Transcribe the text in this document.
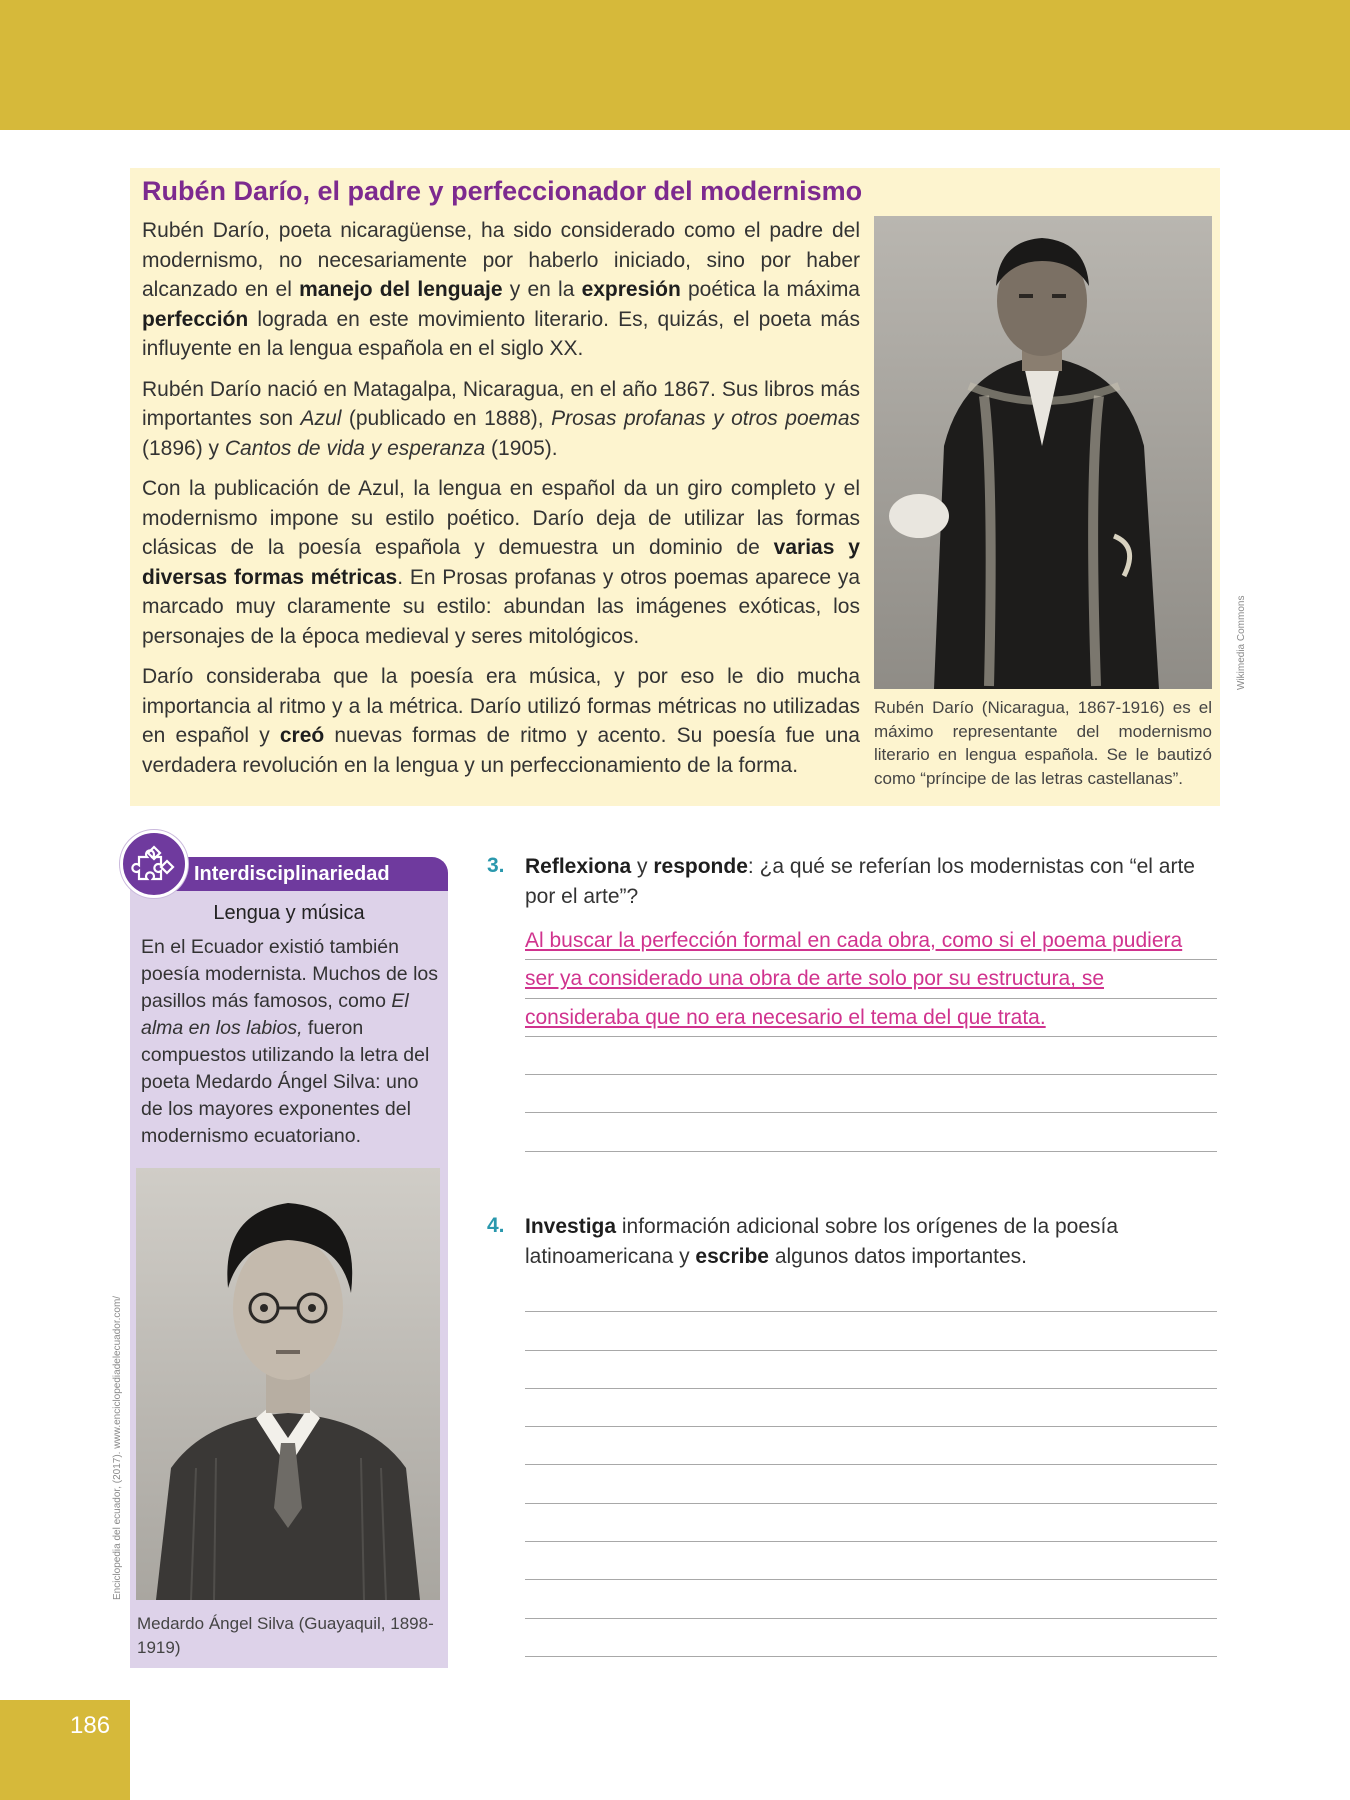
Rubén Darío, el padre y perfeccionador del modernismo

Rubén Darío, poeta nicaragüense, ha sido considerado como el padre del modernismo, no necesariamente por haberlo iniciado, sino por haber alcanzado en el manejo del lenguaje y en la expresión poética la máxima perfección lograda en este movimiento literario. Es, quizás, el poeta más influyente en la lengua española en el siglo XX.

Rubén Darío nació en Matagalpa, Nicaragua, en el año 1867. Sus libros más importantes son Azul (publicado en 1888), Prosas profanas y otros poemas (1896) y Cantos de vida y esperanza (1905).

Con la publicación de Azul, la lengua en español da un giro completo y el modernismo impone su estilo poético. Darío deja de utilizar las formas clásicas de la poesía española y demuestra un dominio de varias y diversas formas métricas. En Prosas profanas y otros poemas aparece ya marcado muy claramente su estilo: abundan las imágenes exóticas, los personajes de la época medieval y seres mitológicos.

Darío consideraba que la poesía era música, y por eso le dio mucha importancia al ritmo y a la métrica. Darío utilizó formas métricas no utilizadas en español y creó nuevas formas de ritmo y acento. Su poesía fue una verdadera revolución en la lengua y un perfeccionamiento de la forma.

Rubén Darío (Nicaragua, 1867-1916) es el máximo representante del modernismo literario en lengua española. Se le bautizó como “príncipe de las letras castellanas”.
Wikimedia Commons
Interdisciplinariedad
Lengua y música
En el Ecuador existió también poesía modernista. Muchos de los pasillos más famosos, como El alma en los labios, fueron compuestos utilizando la letra del poeta Medardo Ángel Silva: uno de los mayores exponentes del modernismo ecuatoriano.
Medardo Ángel Silva (Guayaquil, 1898-1919)
Enciclopedia del ecuador, (2017). www.enciclopediadelecuador.com/
3. Reflexiona y responde: ¿a qué se referían los modernistas con “el arte por el arte”?
Al buscar la perfección formal en cada obra, como si el poema pudiera ser ya considerado una obra de arte solo por su estructura, se consideraba que no era necesario el tema del que trata.
4. Investiga información adicional sobre los orígenes de la poesía latinoamericana y escribe algunos datos importantes.
186
